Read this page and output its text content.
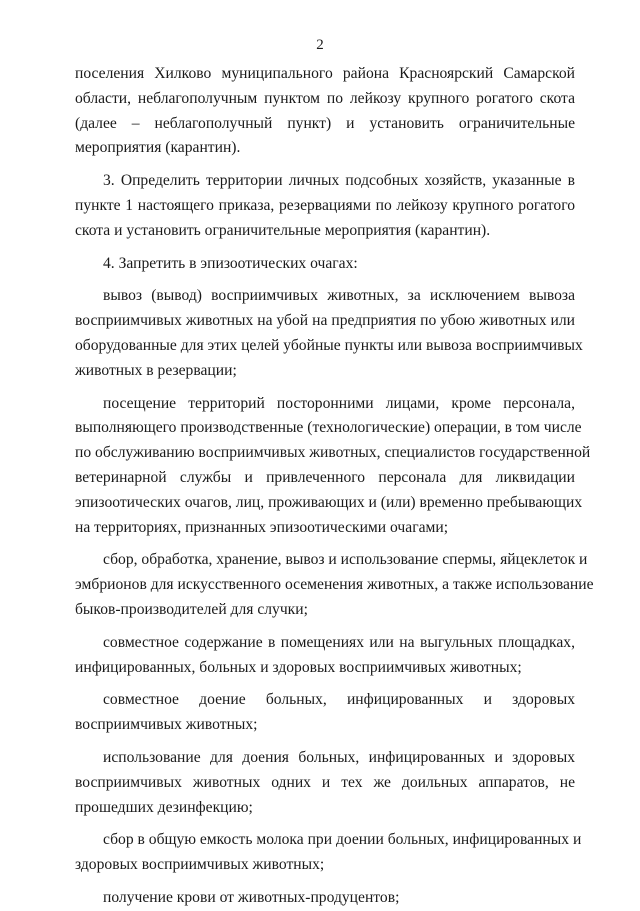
2
поселения Хилково муниципального района Красноярский Самарской
области, неблагополучным пунктом по лейкозу крупного рогатого скота
(далее – неблагополучный пункт) и установить ограничительные
мероприятия (карантин).
3. Определить территории личных подсобных хозяйств, указанные в
пункте 1 настоящего приказа, резервациями по лейкозу крупного рогатого
скота и установить ограничительные мероприятия (карантин).
4. Запретить в эпизоотических очагах:
вывоз (вывод) восприимчивых животных, за исключением вывоза
восприимчивых животных на убой на предприятия по убою животных или
оборудованные для этих целей убойные пункты или вывоза восприимчивых
животных в резервации;
посещение территорий посторонними лицами, кроме персонала,
выполняющего производственные (технологические) операции, в том числе
по обслуживанию восприимчивых животных, специалистов государственной
ветеринарной службы и привлеченного персонала для ликвидации
эпизоотических очагов, лиц, проживающих и (или) временно пребывающих
на территориях, признанных эпизоотическими очагами;
сбор, обработка, хранение, вывоз и использование спермы, яйцеклеток и
эмбрионов для искусственного осеменения животных, а также использование
быков-производителей для случки;
совместное содержание в помещениях или на выгульных площадках,
инфицированных, больных и здоровых восприимчивых животных;
совместное доение больных, инфицированных и здоровых
восприимчивых животных;
использование для доения больных, инфицированных и здоровых
восприимчивых животных одних и тех же доильных аппаратов, не
прошедших дезинфекцию;
сбор в общую емкость молока при доении больных, инфицированных и
здоровых восприимчивых животных;
получение крови от животных-продуцентов;
